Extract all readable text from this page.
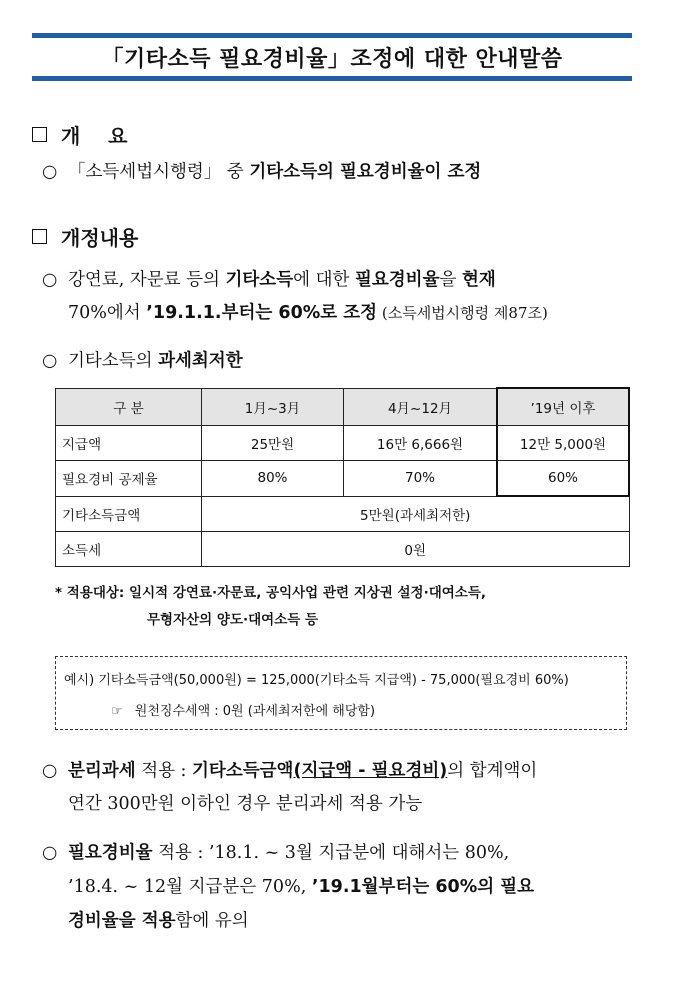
「기타소득 필요경비율」조정에 대한 안내말씀
개    요
○ 「소득세법시행령」 중 기타소득의 필요경비율이 조정
개정내용
○ 강연료, 자문료 등의 기타소득에 대한 필요경비율을 현재
70%에서 ’19.1.1.부터는 60%로 조정 (소득세법시행령 제87조)
○ 기타소득의 과세최저한
구 분	1月~3月	4月~12月	’19년 이후
지급액	25만원	16만 6,666원	12만 5,000원
필요경비 공제율	80%	70%	60%
기타소득금액	5만원(과세최저한)		
소득세	0원		
* 적용대상: 일시적 강연료·자문료, 공익사업 관련 지상권 설정·대여소득,
무형자산의 양도·대여소득 등
예시) 기타소득금액(50,000원) = 125,000(기타소득 지급액) - 75,000(필요경비 60%)
☞ 원천징수세액 : 0원 (과세최저한에 해당함)
○ 분리과세 적용 : 기타소득금액(지급액 - 필요경비)의 합계액이
연간 300만원 이하인 경우 분리과세 적용 가능
○ 필요경비율 적용 : ’18.1. ~ 3월 지급분에 대해서는 80%,
’18.4. ~ 12월 지급분은 70%, ’19.1월부터는 60%의 필요
경비율을 적용함에 유의
